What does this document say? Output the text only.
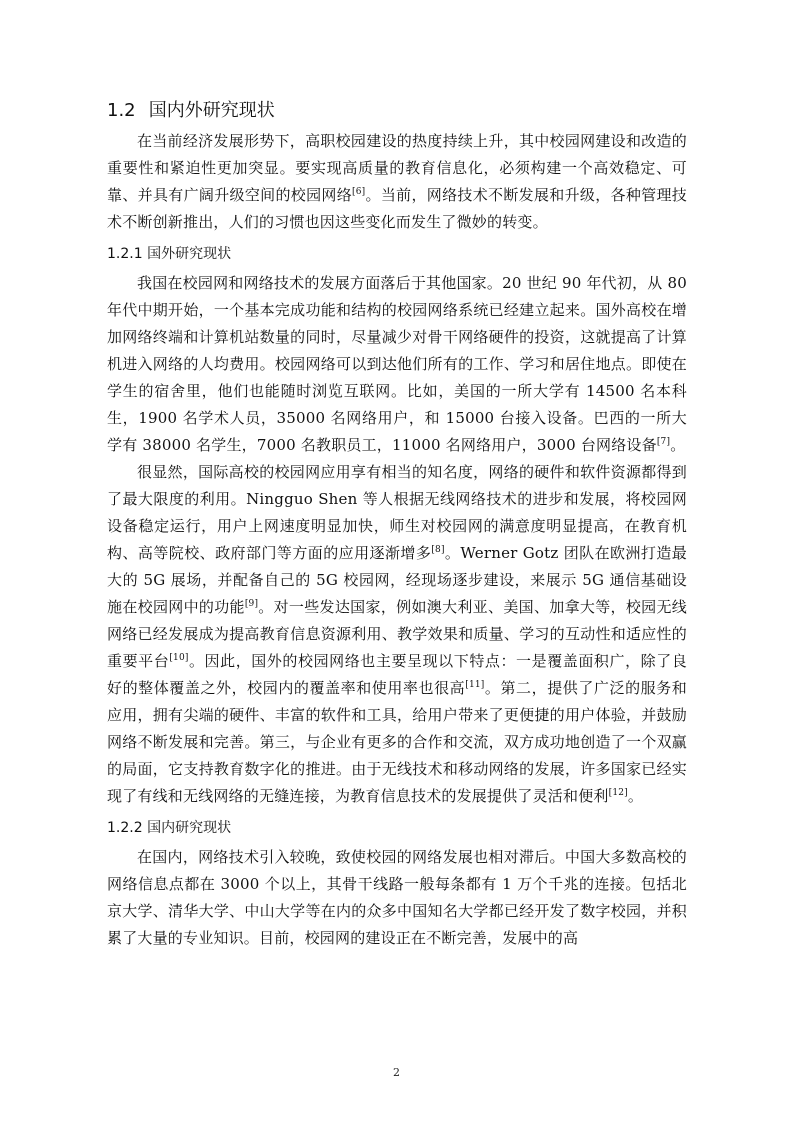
1.2 国内外研究现状

在当前经济发展形势下，高职校园建设的热度持续上升，其中校园网建设和改造的重要性和紧迫性更加突显。要实现高质量的教育信息化，必须构建一个高效稳定、可靠、并具有广阔升级空间的校园网络[6]。当前，网络技术不断发展和升级，各种管理技术不断创新推出，人们的习惯也因这些变化而发生了微妙的转变。

1.2.1 国外研究现状

我国在校园网和网络技术的发展方面落后于其他国家。20 世纪 90 年代初，从 80 年代中期开始，一个基本完成功能和结构的校园网络系统已经建立起来。国外高校在增加网络终端和计算机站数量的同时，尽量减少对骨干网络硬件的投资，这就提高了计算机进入网络的人均费用。校园网络可以到达他们所有的工作、学习和居住地点。即使在学生的宿舍里，他们也能随时浏览互联网。比如，美国的一所大学有 14500 名本科生，1900 名学术人员，35000 名网络用户，和 15000 台接入设备。巴西的一所大学有 38000 名学生，7000 名教职员工，11000 名网络用户，3000 台网络设备[7]。

很显然，国际高校的校园网应用享有相当的知名度，网络的硬件和软件资源都得到了最大限度的利用。Ningguo Shen 等人根据无线网络技术的进步和发展，将校园网设备稳定运行，用户上网速度明显加快，师生对校园网的满意度明显提高，在教育机构、高等院校、政府部门等方面的应用逐渐增多[8]。Werner Gotz 团队在欧洲打造最大的 5G 展场，并配备自己的 5G 校园网，经现场逐步建设，来展示 5G 通信基础设施在校园网中的功能[9]。对一些发达国家，例如澳大利亚、美国、加拿大等，校园无线网络已经发展成为提高教育信息资源利用、教学效果和质量、学习的互动性和适应性的重要平台[10]。因此，国外的校园网络也主要呈现以下特点：一是覆盖面积广，除了良好的整体覆盖之外，校园内的覆盖率和使用率也很高[11]。第二，提供了广泛的服务和应用，拥有尖端的硬件、丰富的软件和工具，给用户带来了更便捷的用户体验，并鼓励网络不断发展和完善。第三，与企业有更多的合作和交流，双方成功地创造了一个双赢的局面，它支持教育数字化的推进。由于无线技术和移动网络的发展，许多国家已经实现了有线和无线网络的无缝连接，为教育信息技术的发展提供了灵活和便利[12]。

1.2.2 国内研究现状

在国内，网络技术引入较晚，致使校园的网络发展也相对滞后。中国大多数高校的网络信息点都在 3000 个以上，其骨干线路一般每条都有 1 万个千兆的连接。包括北京大学、清华大学、中山大学等在内的众多中国知名大学都已经开发了数字校园，并积累了大量的专业知识。目前，校园网的建设正在不断完善，发展中的高

2
